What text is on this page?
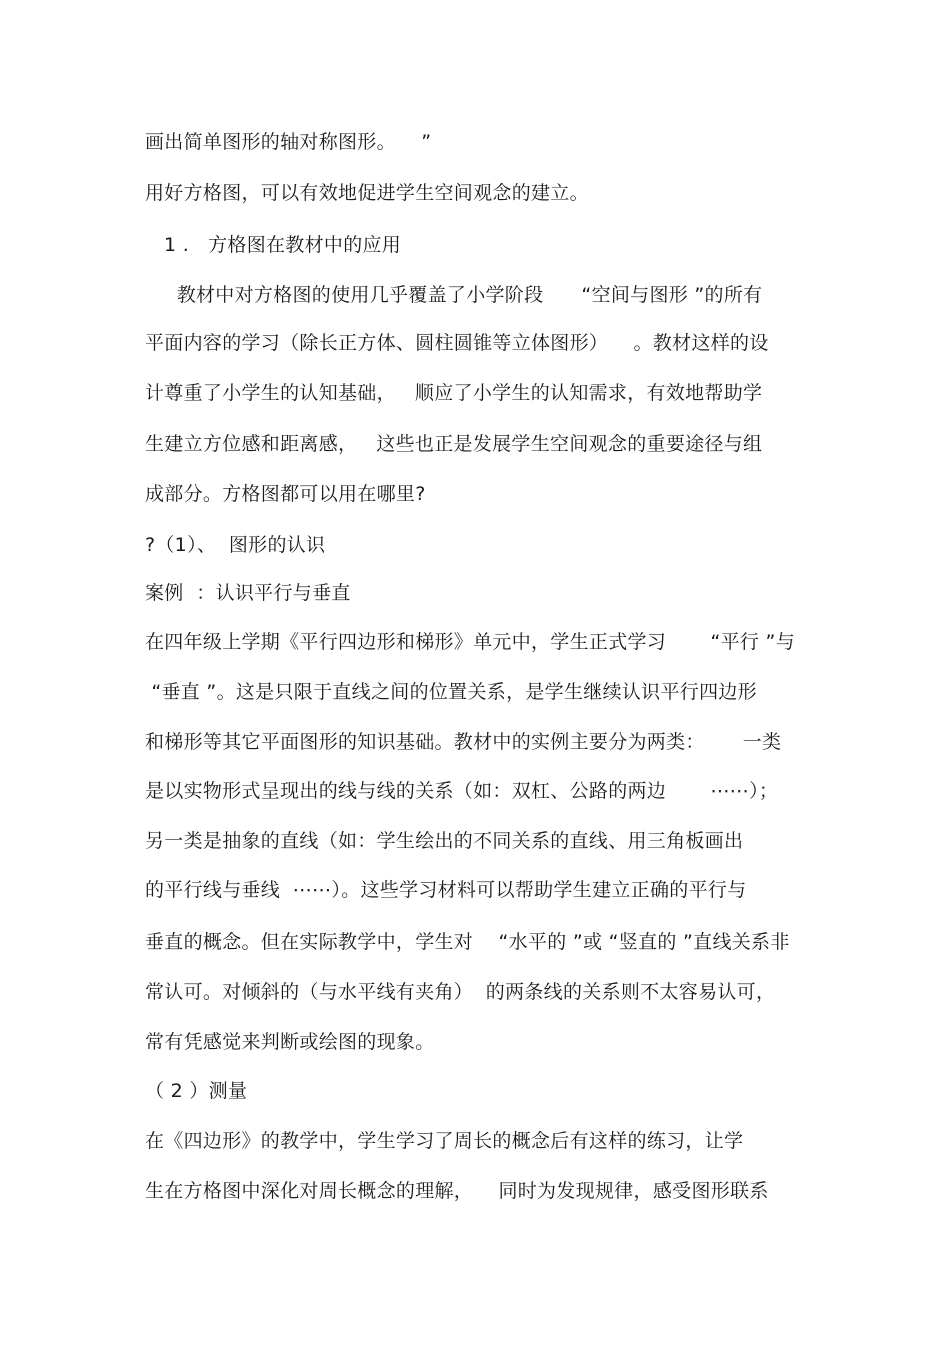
画出简单图形的轴对称图形。    ”
用好方格图，可以有效地促进学生空间观念的建立。
1 .   方格图在教材中的应用
教材中对方格图的使用几乎覆盖了小学阶段      “空间与图形 ”的所有
平面内容的学习（除长正方体、圆柱圆锥等立体图形）    。教材这样的设
计尊重了小学生的认知基础，   顺应了小学生的认知需求，有效地帮助学
生建立方位感和距离感，   这些也正是发展学生空间观念的重要途径与组
成部分。方格图都可以用在哪里?
?（1）、  图形的认识
案例  ：认识平行与垂直
在四年级上学期《平行四边形和梯形》单元中，学生正式学习       “平行 ”与
“垂直 ”。这是只限于直线之间的位置关系，是学生继续认识平行四边形
和梯形等其它平面图形的知识基础。教材中的实例主要分为两类：      一类
是以实物形式呈现出的线与线的关系（如：双杠、公路的两边       ⋯⋯）；
另一类是抽象的直线（如：学生绘出的不同关系的直线、用三角板画出
的平行线与垂线  ⋯⋯）。这些学习材料可以帮助学生建立正确的平行与
垂直的概念。但在实际教学中，学生对    “水平的 ”或 “竖直的 ”直线关系非
常认可。对倾斜的（与水平线有夹角）  的两条线的关系则不太容易认可，
常有凭感觉来判断或绘图的现象。
（ 2 ）测量
在《四边形》的教学中，学生学习了周长的概念后有这样的练习，让学
生在方格图中深化对周长概念的理解，    同时为发现规律，感受图形联系
